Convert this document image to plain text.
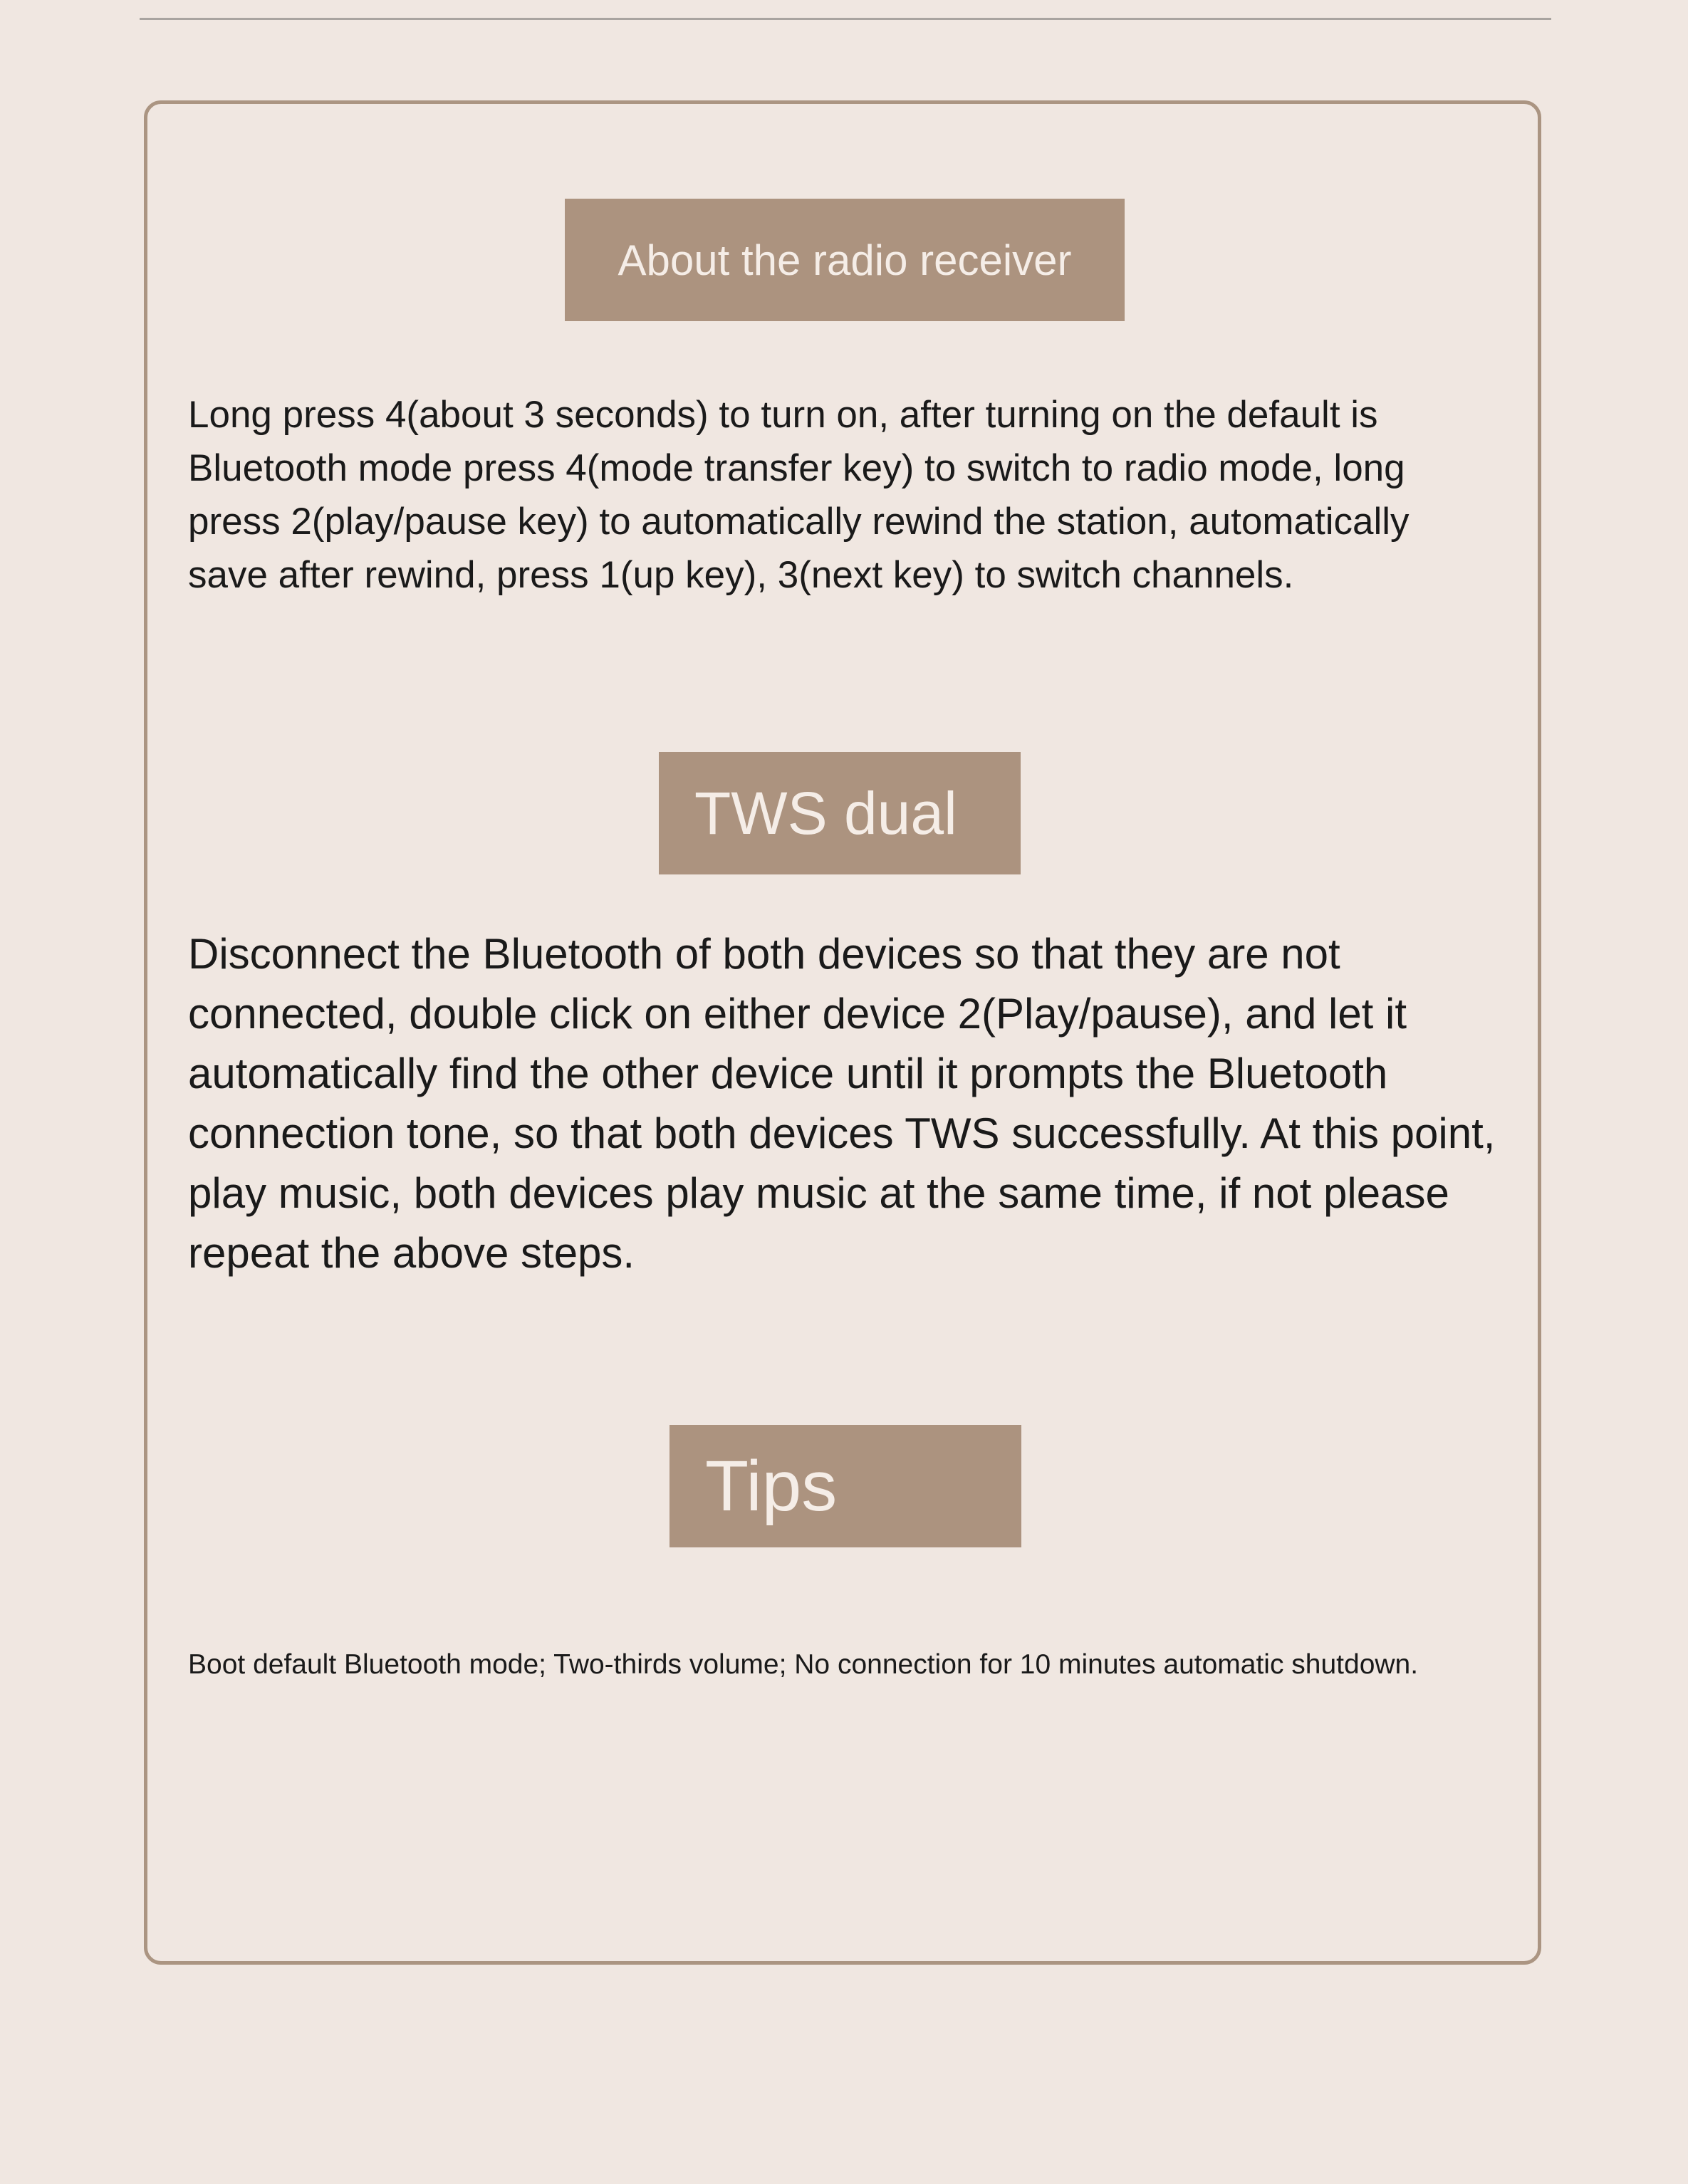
About the radio receiver

Long press 4(about 3 seconds) to turn on, after turning on the default is Bluetooth mode press 4(mode transfer key) to switch to radio mode, long press 2(play/pause key) to automatically rewind the station, automatically save after rewind, press 1(up key), 3(next key) to switch channels.

TWS dual

Disconnect the Bluetooth of both devices so that they are not connected, double click on either device 2(Play/pause), and let it automatically find the other device until it prompts the Bluetooth connection tone, so that both devices TWS successfully. At this point, play music, both devices play music at the same time, if not please repeat the above steps.

Tips

Boot default Bluetooth mode; Two-thirds volume; No connection for 10 minutes automatic shutdown.
